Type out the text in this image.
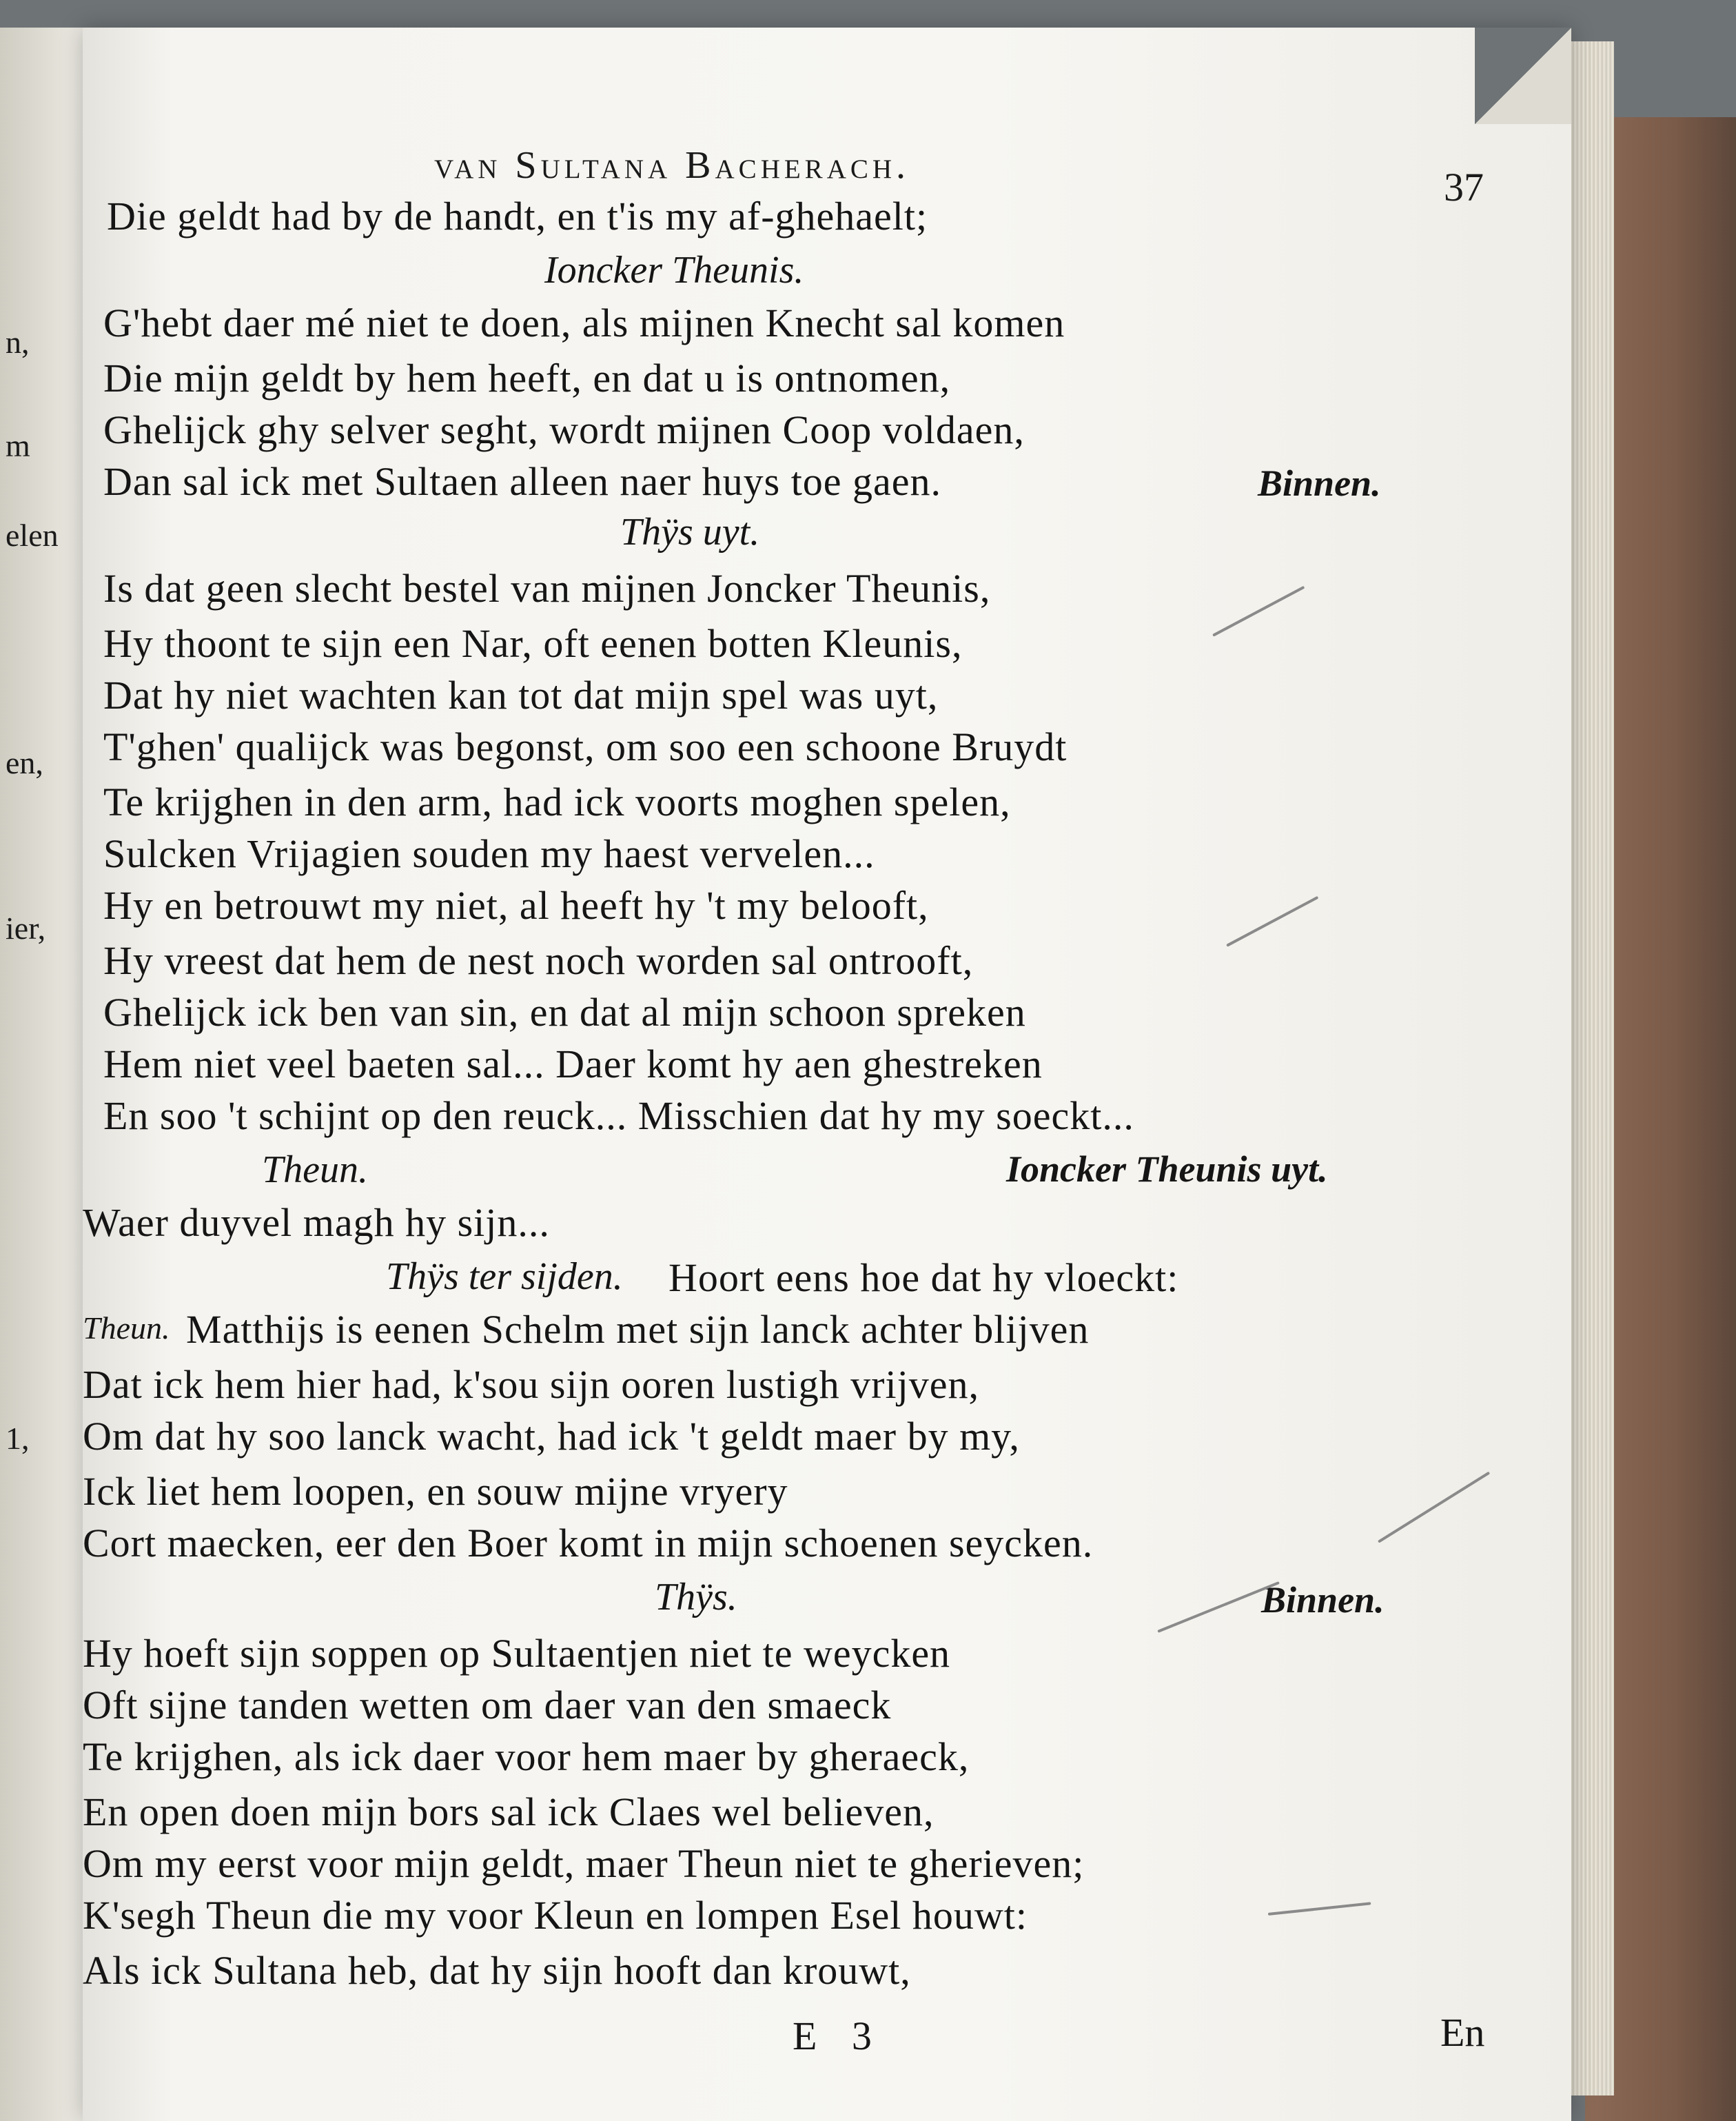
n,
m
elen
en,
ier,
1,
van Sultana Bacherach.	37
Die geldt had by de handt, en t'is my af-ghehaelt;
Ioncker Theunis.
G'hebt daer mé niet te doen, als mijnen Knecht sal komen
Die mijn geldt by hem heeft, en dat u is ontnomen,
Ghelijck ghy selver seght, wordt mijnen Coop voldaen,
Dan sal ick met Sultaen alleen naer huys toe gaen.	Binnen.
Thÿs uyt.
Is dat geen slecht bestel van mijnen Joncker Theunis,
Hy thoont te sijn een Nar, oft eenen botten Kleunis,
Dat hy niet wachten kan tot dat mijn spel was uyt,
T'ghen' qualijck was begonst, om soo een schoone Bruydt
Te krijghen in den arm, had ick voorts moghen spelen,
Sulcken Vrijagien souden my haest vervelen...
Hy en betrouwt my niet, al heeft hy 't my belooft,
Hy vreest dat hem de nest noch worden sal ontrooft,
Ghelijck ick ben van sin, en dat al mijn schoon spreken
Hem niet veel baeten sal... Daer komt hy aen ghestreken
En soo 't schijnt op den reuck... Misschien dat hy my soeckt...
Theun.	Ioncker Theunis uyt.
Waer duyvel magh hy sijn...
Thÿs ter sijden. Hoort eens hoe dat hy vloeckt:
Theun. Matthijs is eenen Schelm met sijn lanck achter blijven
Dat ick hem hier had, k'sou sijn ooren lustigh vrijven,
Om dat hy soo lanck wacht, had ick 't geldt maer by my,
Ick liet hem loopen, en souw mijne vryery
Cort maecken, eer den Boer komt in mijn schoenen seycken.
Thÿs.	Binnen.
Hy hoeft sijn soppen op Sultaentjen niet te weycken
Oft sijne tanden wetten om daer van den smaeck
Te krijghen, als ick daer voor hem maer by gheraeck,
En open doen mijn bors sal ick Claes wel believen,
Om my eerst voor mijn geldt, maer Theun niet te gherieven;
K'segh Theun die my voor Kleun en lompen Esel houwt:
Als ick Sultana heb, dat hy sijn hooft dan krouwt,
E 3	En
